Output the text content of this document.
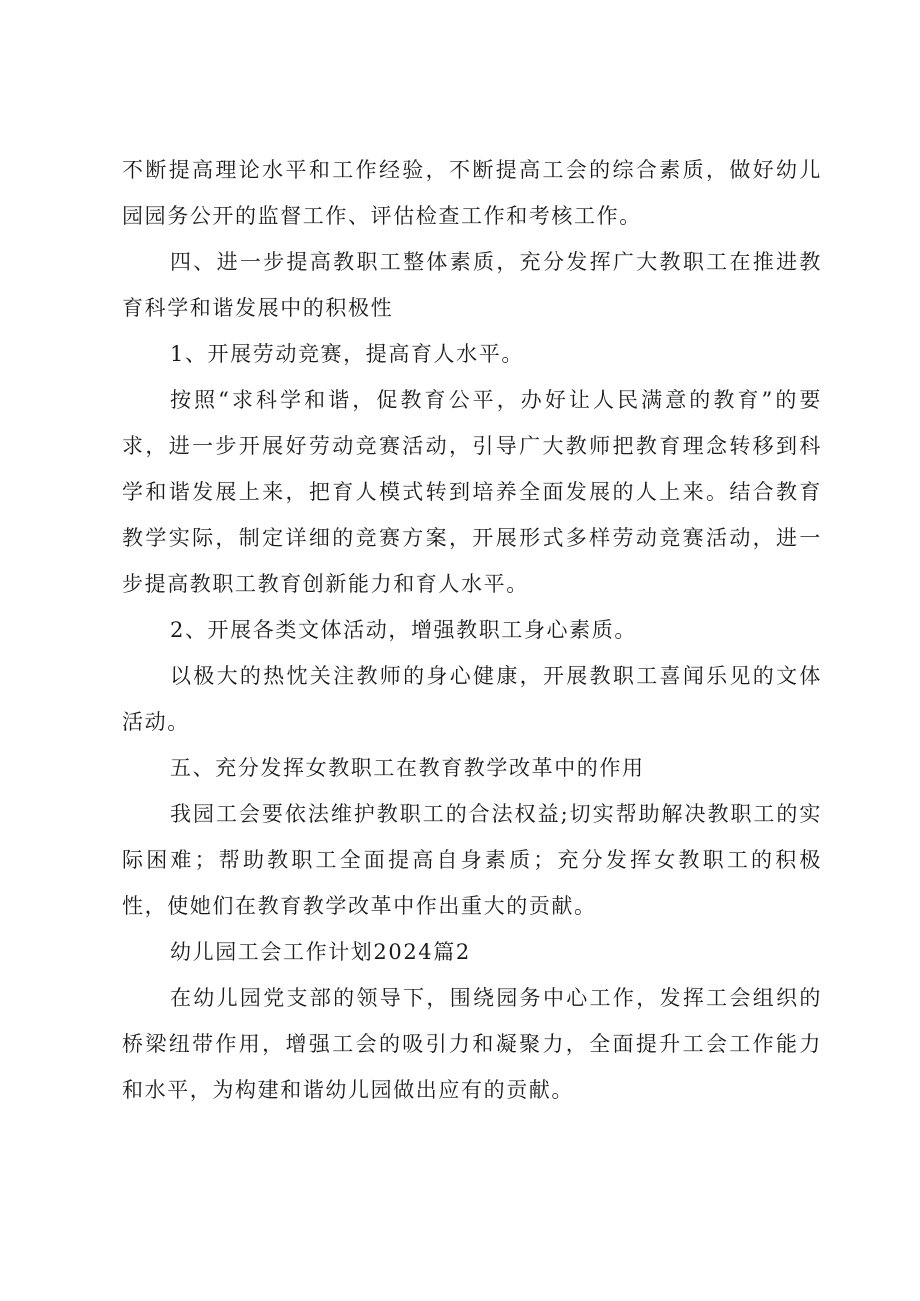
不断提高理论水平和工作经验，不断提高工会的综合素质，做好幼儿园园务公开的监督工作、评估检查工作和考核工作。

四、进一步提高教职工整体素质，充分发挥广大教职工在推进教育科学和谐发展中的积极性

1、开展劳动竞赛，提高育人水平。

按照“求科学和谐，促教育公平，办好让人民满意的教育”的要求，进一步开展好劳动竞赛活动，引导广大教师把教育理念转移到科学和谐发展上来，把育人模式转到培养全面发展的人上来。结合教育教学实际，制定详细的竞赛方案，开展形式多样劳动竞赛活动，进一步提高教职工教育创新能力和育人水平。

2、开展各类文体活动，增强教职工身心素质。

以极大的热忱关注教师的身心健康，开展教职工喜闻乐见的文体活动。

五、充分发挥女教职工在教育教学改革中的作用

我园工会要依法维护教职工的合法权益;切实帮助解决教职工的实际困难；帮助教职工全面提高自身素质；充分发挥女教职工的积极性，使她们在教育教学改革中作出重大的贡献。

幼儿园工会工作计划2024篇2

在幼儿园党支部的领导下，围绕园务中心工作，发挥工会组织的桥梁纽带作用，增强工会的吸引力和凝聚力，全面提升工会工作能力和水平，为构建和谐幼儿园做出应有的贡献。
